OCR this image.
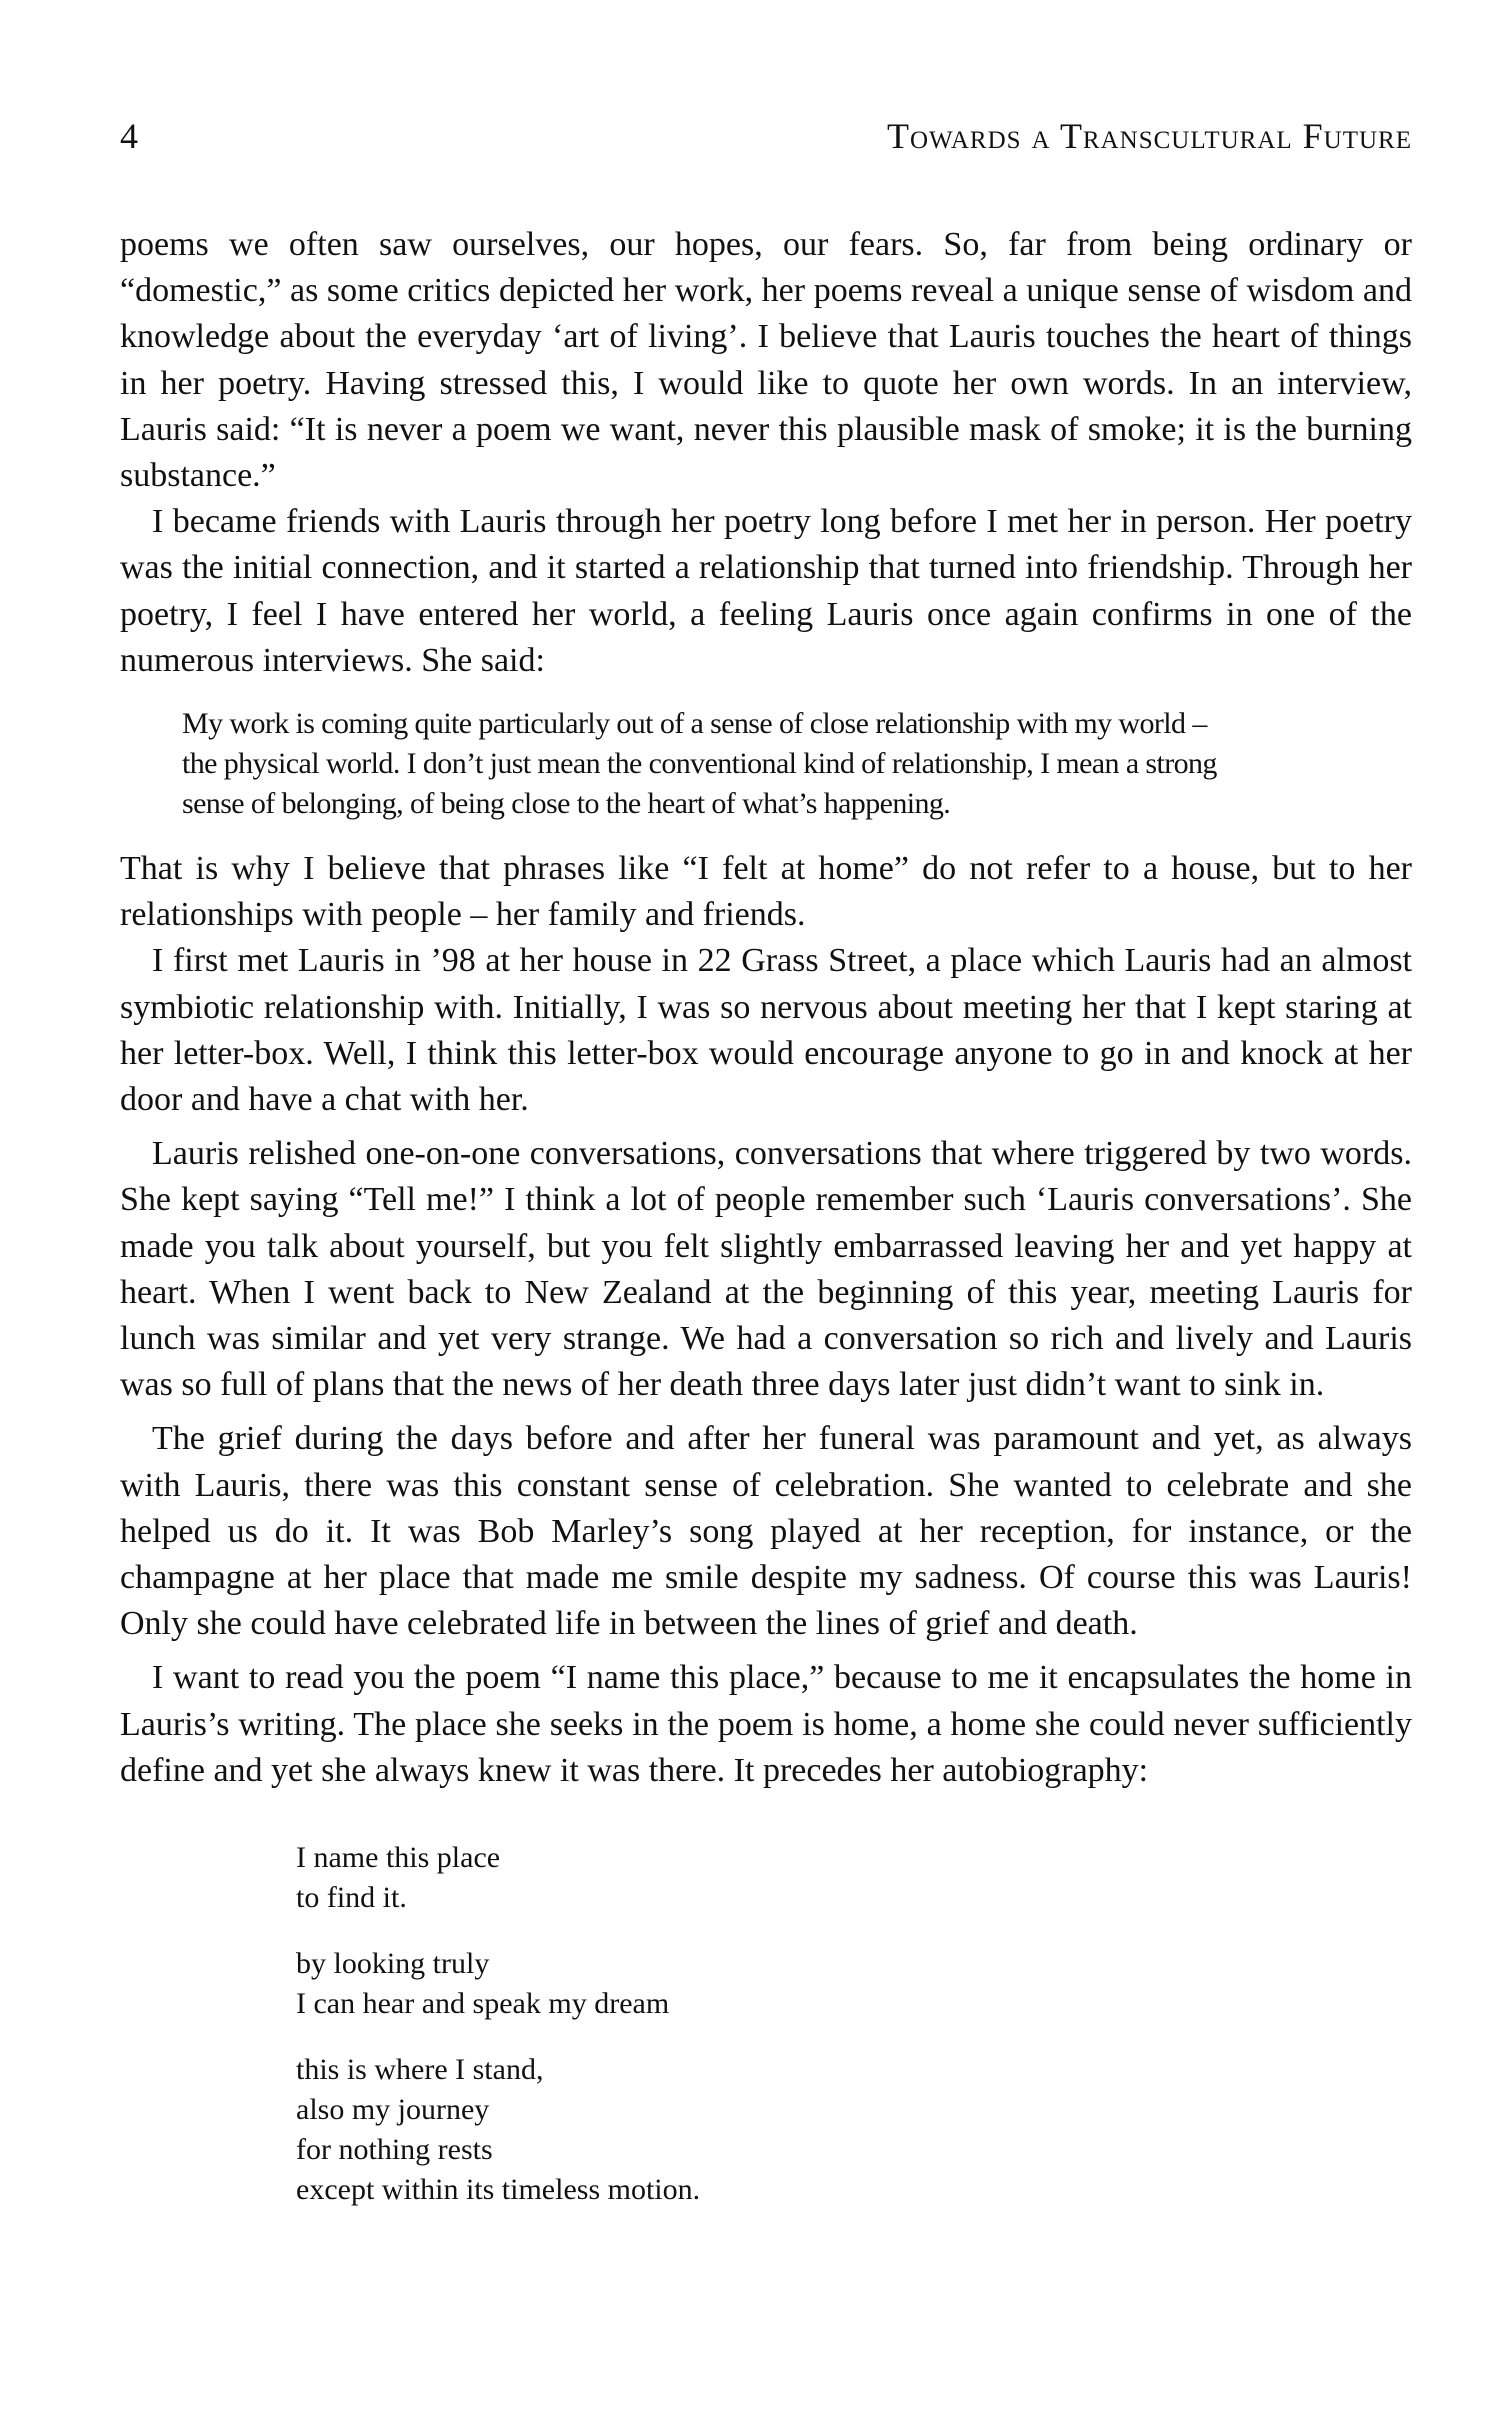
4	Towards a Transcultural Future

poems we often saw ourselves, our hopes, our fears. So, far from being ordinary or “domestic,” as some critics depicted her work, her poems reveal a unique sense of wisdom and knowledge about the everyday ‘art of living’. I believe that Lauris touches the heart of things in her poetry. Having stressed this, I would like to quote her own words. In an interview, Lauris said: “It is never a poem we want, never this plausible mask of smoke; it is the burning substance.”

I became friends with Lauris through her poetry long before I met her in person. Her poetry was the initial connection, and it started a relationship that turned into friendship. Through her poetry, I feel I have entered her world, a feeling Lauris once again confirms in one of the numerous interviews. She said:

My work is coming quite particularly out of a sense of close relationship with my world –
the physical world. I don’t just mean the conventional kind of relationship, I mean a strong
sense of belonging, of being close to the heart of what’s happening.

That is why I believe that phrases like “I felt at home” do not refer to a house, but to her relationships with people – her family and friends.

I first met Lauris in ’98 at her house in 22 Grass Street, a place which Lauris had an almost symbiotic relationship with. Initially, I was so nervous about meeting her that I kept staring at her letter-box. Well, I think this letter-box would encourage anyone to go in and knock at her door and have a chat with her.

Lauris relished one-on-one conversations, conversations that where triggered by two words. She kept saying “Tell me!” I think a lot of people remember such ‘Lauris conversations’. She made you talk about yourself, but you felt slightly embarrassed leaving her and yet happy at heart. When I went back to New Zealand at the beginning of this year, meeting Lauris for lunch was similar and yet very strange. We had a conversation so rich and lively and Lauris was so full of plans that the news of her death three days later just didn’t want to sink in.

The grief during the days before and after her funeral was paramount and yet, as always with Lauris, there was this constant sense of celebration. She wanted to celebrate and she helped us do it. It was Bob Marley’s song played at her reception, for instance, or the champagne at her place that made me smile despite my sadness. Of course this was Lauris! Only she could have celebrated life in between the lines of grief and death.

I want to read you the poem “I name this place,” because to me it encapsulates the home in Lauris’s writing. The place she seeks in the poem is home, a home she could never sufficiently define and yet she always knew it was there. It precedes her autobiography:

I name this place
to find it.
by looking truly
I can hear and speak my dream
this is where I stand,
also my journey
for nothing rests
except within its timeless motion.
